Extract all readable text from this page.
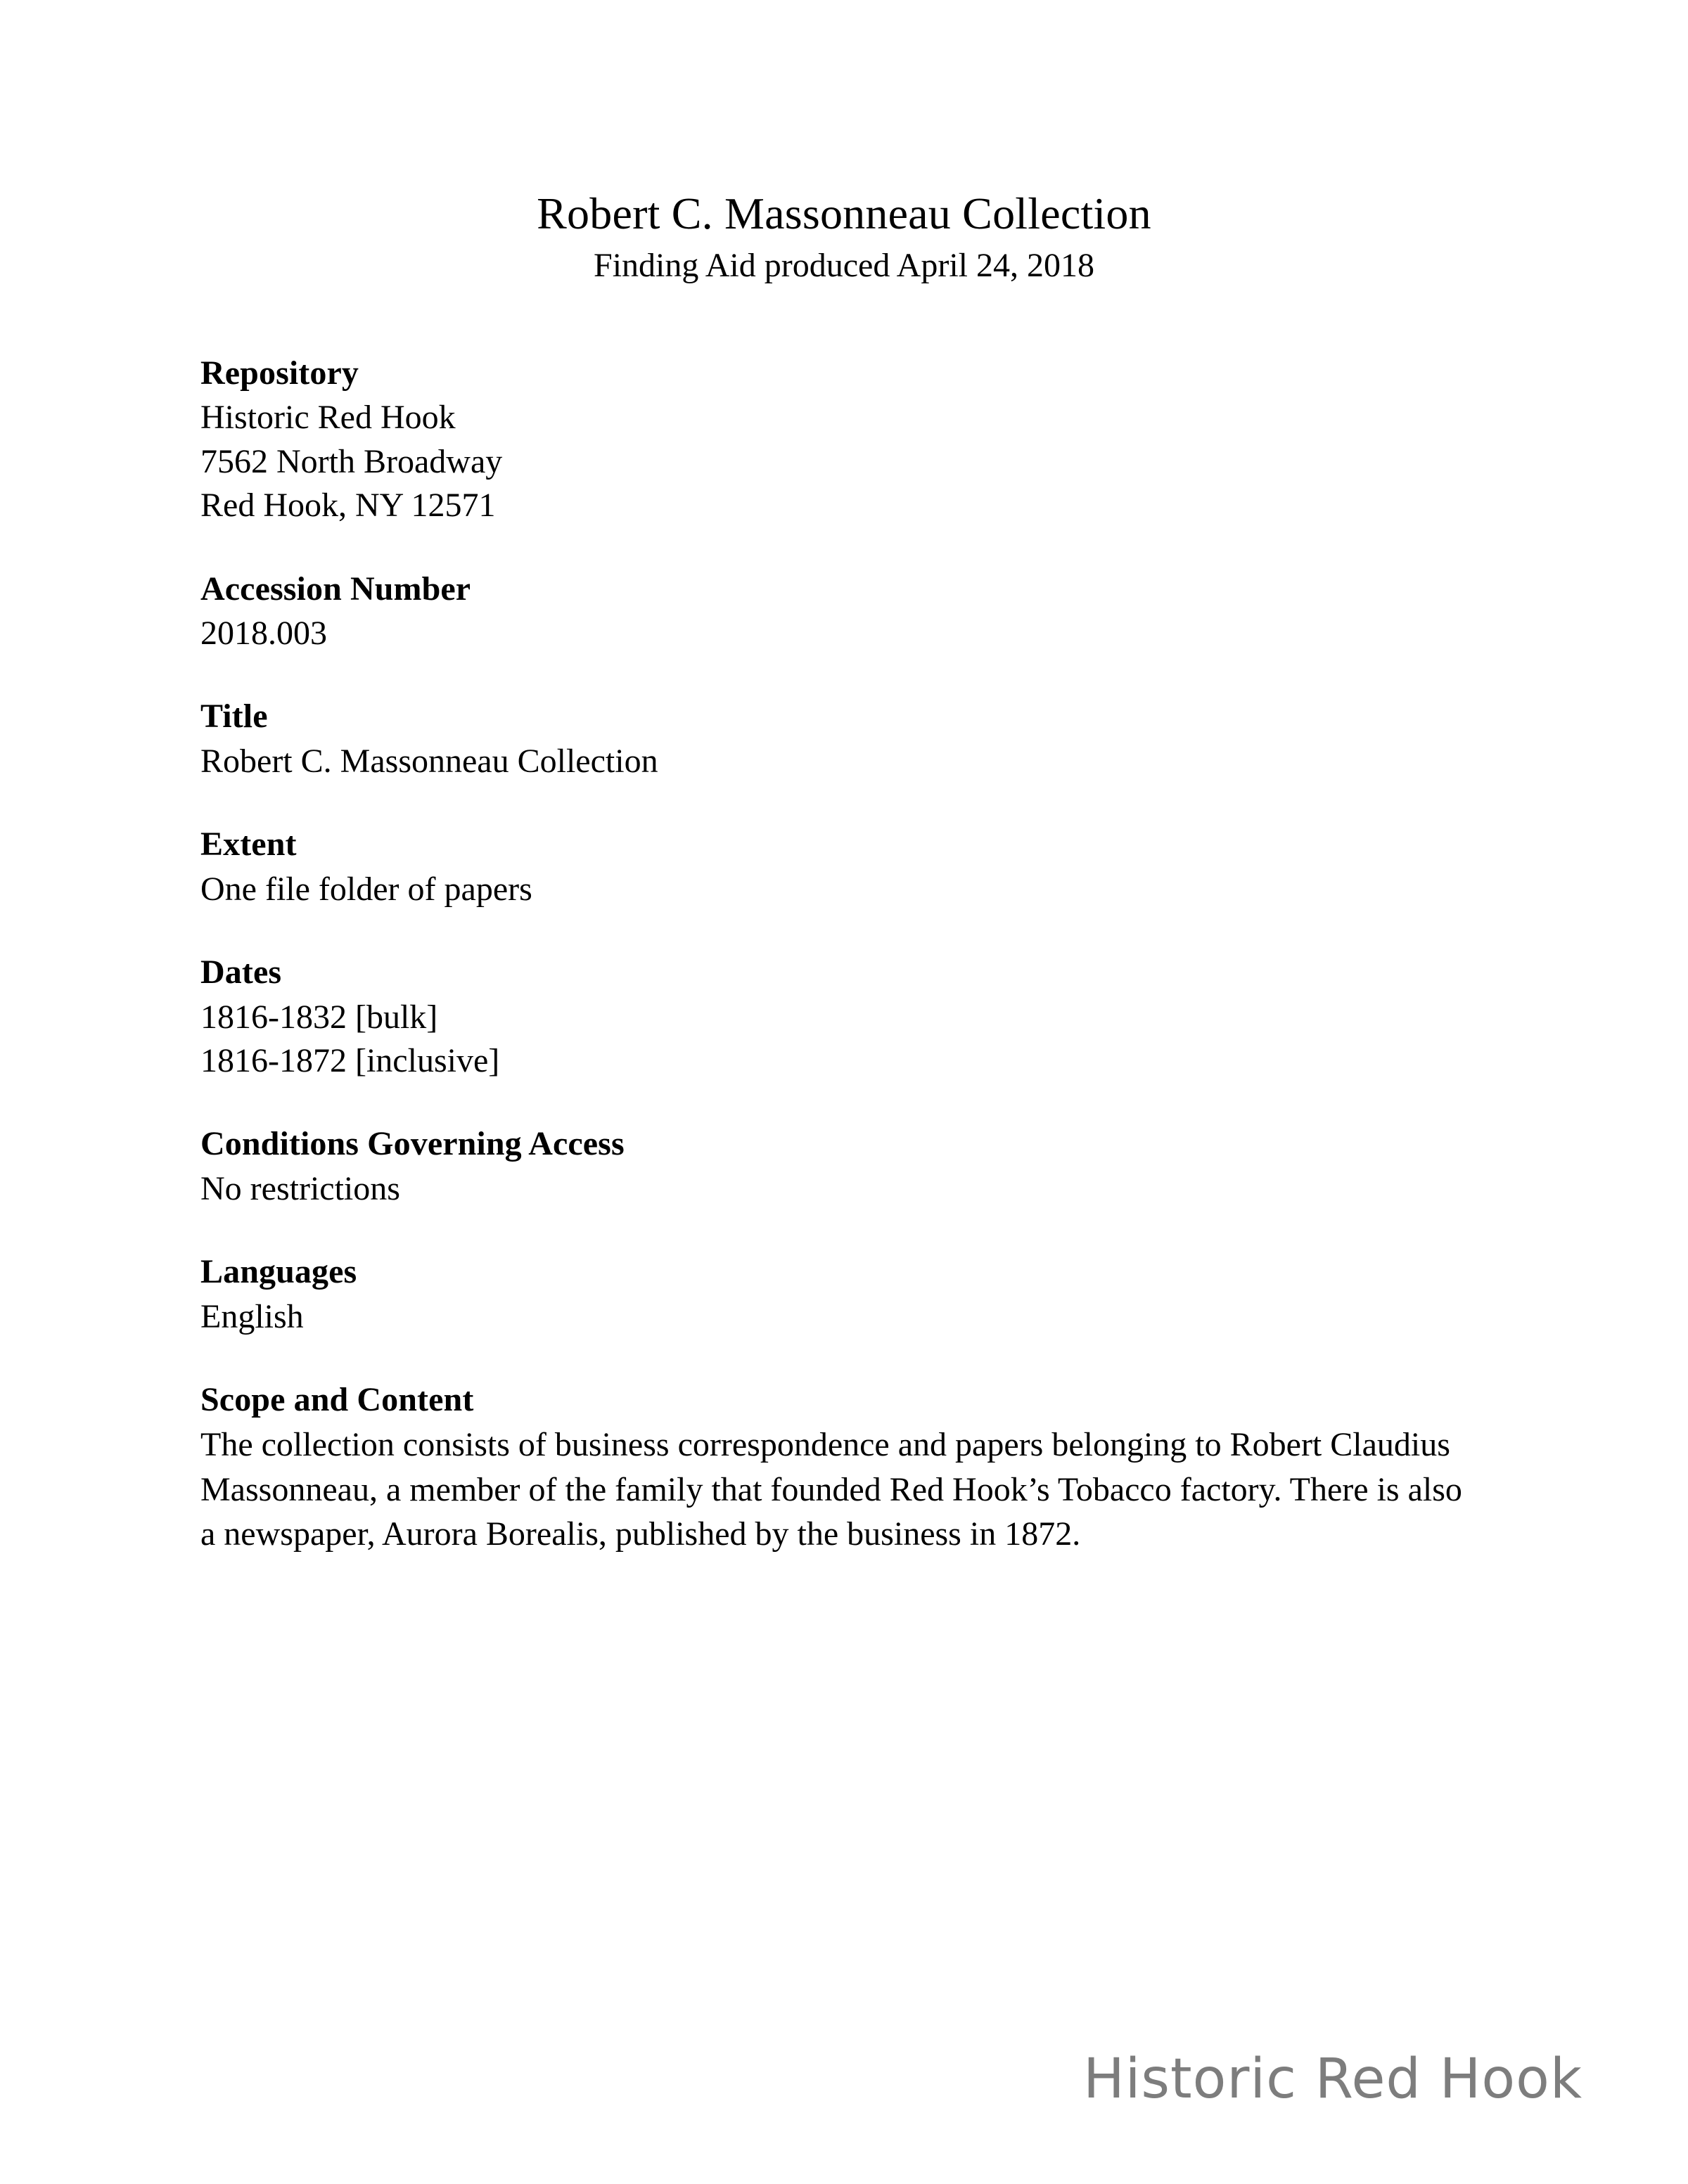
Robert C. Massonneau Collection

Finding Aid produced April 24, 2018

Repository
Historic Red Hook
7562 North Broadway
Red Hook, NY 12571
Accession Number
2018.003
Title
Robert C. Massonneau Collection
Extent
One file folder of papers
Dates
1816-1832 [bulk]
1816-1872 [inclusive]
Conditions Governing Access
No restrictions
Languages
English
Scope and Content

The collection consists of business correspondence and papers belonging to Robert Claudius Massonneau, a member of the family that founded Red Hook’s Tobacco factory. There is also a newspaper, Aurora Borealis, published by the business in 1872.

Historic Red Hook
